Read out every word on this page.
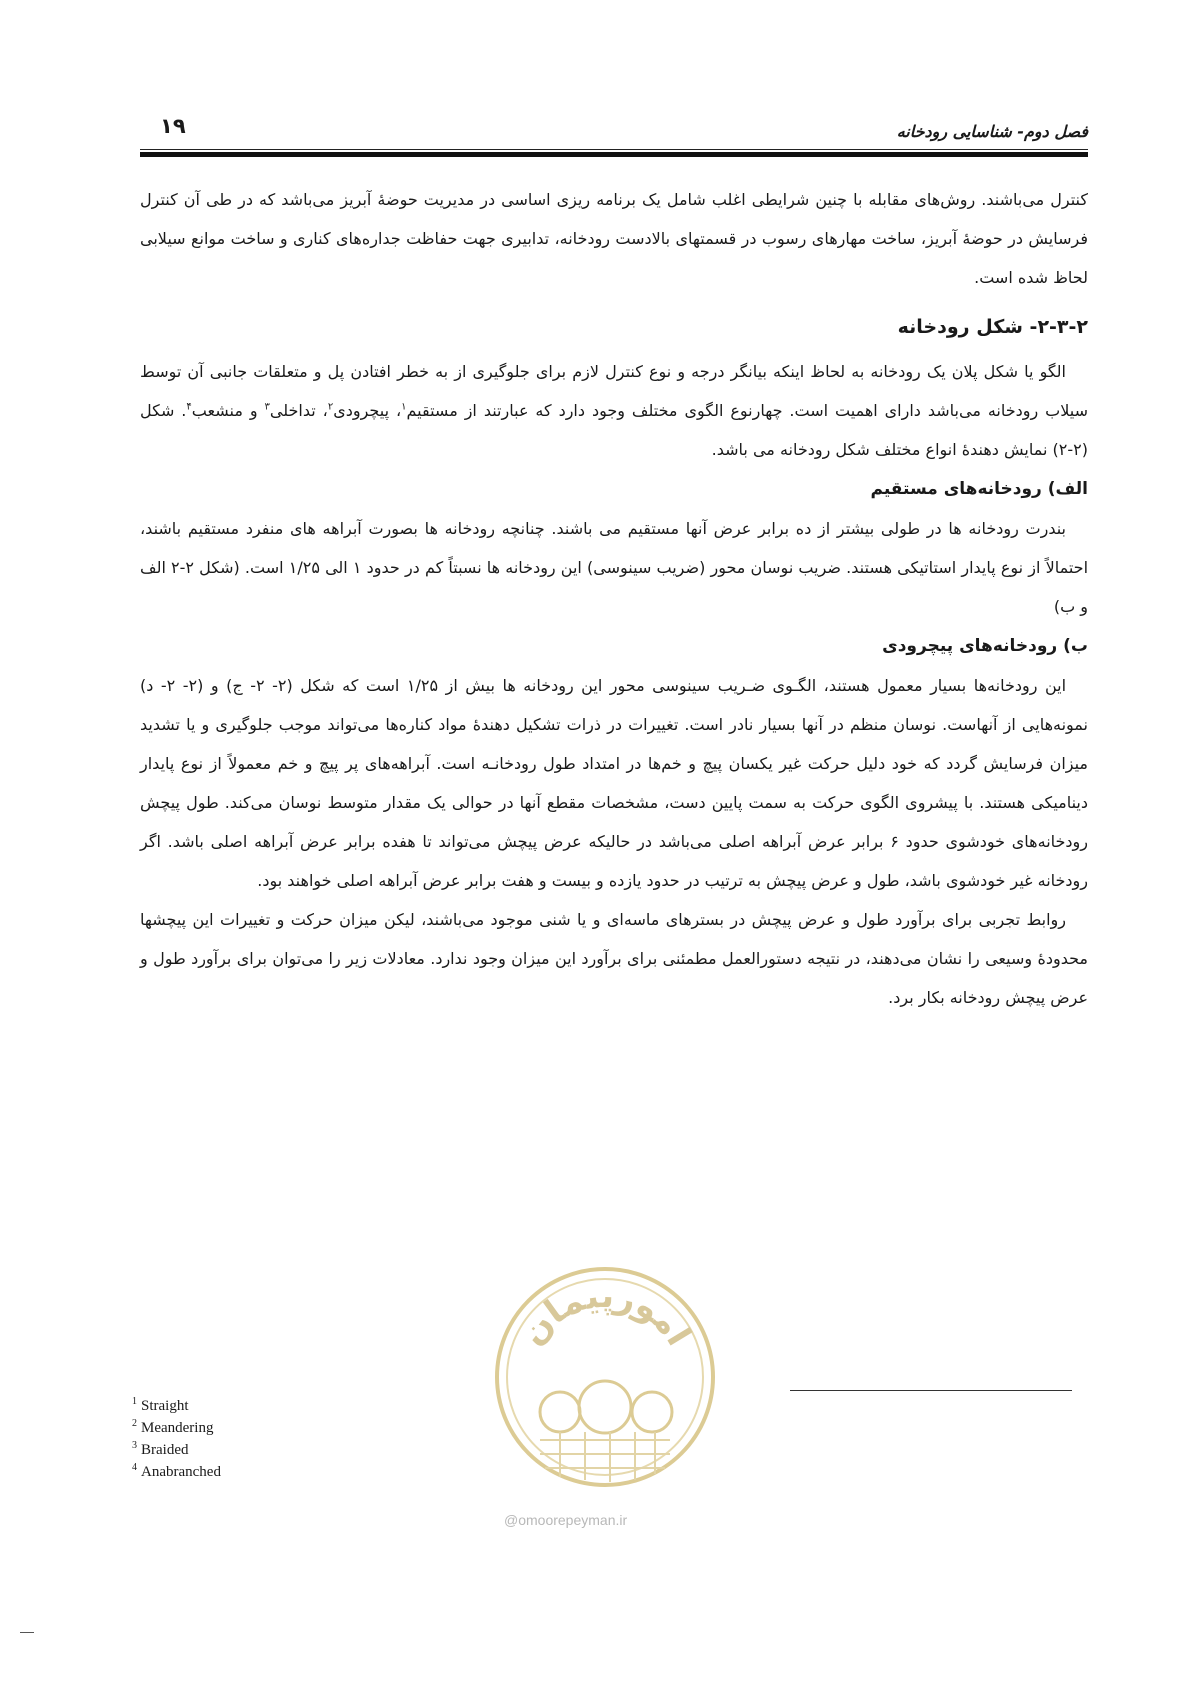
۱۹	فصل دوم- شناسایی رودخانه

کنترل می‌باشند. روش‌های مقابله با چنین شرایطی اغلب شامل یک برنامه ریزی اساسی در مدیریت حوضهٔ آبریز می‌باشد که در طی آن کنترل فرسایش در حوضهٔ آبریز، ساخت مهارهای رسوب در قسمتهای بالادست رودخانه، تدابیری جهت حفاظت جداره‌های کناری و ساخت موانع سیلابی لحاظ شده است.

۲-۳-۲- شکل رودخانه

الگو یا شکل پلان یک رودخانه به لحاظ اینکه بیانگر درجه و نوع کنترل لازم برای جلوگیری از به خطر افتادن پل و متعلقات جانبی آن توسط سیلاب رودخانه می‌باشد دارای اهمیت است. چهارنوع الگوی مختلف وجود دارد که عبارتند از مستقیم$^۱$، پیچرودی$^۲$، تداخلی$^۳$ و منشعب$^۴$. شکل (۲-۲) نمایش دهندهٔ انواع مختلف شکل رودخانه می باشد.

الف) رودخانه‌های مستقیم

بندرت رودخانه ها در طولی بیشتر از ده برابر عرض آنها مستقیم می باشند. چنانچه رودخانه ها بصورت آبراهه های منفرد مستقیم باشند، احتمالاً از نوع پایدار استاتیکی هستند. ضریب نوسان محور (ضریب سینوسی) این رودخانه ها نسبتاً کم در حدود ۱ الی ۱/۲۵ است. (شکل ۲-۲ الف و ب)

ب) رودخانه‌های پیچرودی

این رودخانه‌ها بسیار معمول هستند، الگـوی ضـریب سینوسی محور این رودخانه ها بیش از ۱/۲۵ است که شکل (۲- ۲- ج) و (۲- ۲- د) نمونه‌هایی از آنهاست. نوسان منظم در آنها بسیار نادر است. تغییرات در ذرات تشکیل دهندهٔ مواد کناره‌ها می‌تواند موجب جلوگیری و یا تشدید میزان فرسایش گردد که خود دلیل حرکت غیر یکسان پیچ و خم‌ها در امتداد طول رودخانـه است. آبراهه‌های پر پیچ و خم معمولاً از نوع پایدار دینامیکی هستند. با پیشروی الگوی حرکت به سمت پایین دست، مشخصات مقطع آنها در حوالی یک مقدار متوسط نوسان می‌کند. طول پیچش رودخانه‌های خودشوی حدود ۶ برابر عرض آبراهه اصلی می‌باشد در حالیکه عرض پیچش می‌تواند تا هفده برابر عرض آبراهه اصلی باشد. اگر رودخانه غیر خودشوی باشد، طول و عرض پیچش به ترتیب در حدود یازده و بیست و هفت برابر عرض آبراهه اصلی خواهند بود.

روابط تجربی برای برآورد طول و عرض پیچش در بسترهای ماسه‌ای و یا شنی موجود می‌باشند، لیکن میزان حرکت و تغییرات این پیچشها محدودهٔ وسیعی را نشان می‌دهند، در نتیجه دستورالعمل مطمئنی برای برآورد این میزان وجود ندارد. معادلات زیر را می‌توان برای برآورد طول و عرض پیچش رودخانه بکار برد.

امورپیمان
@omoorepeyman.ir
$^1$ Straight
$^2$ Meandering
$^3$ Braided
$^4$ Anabranched
